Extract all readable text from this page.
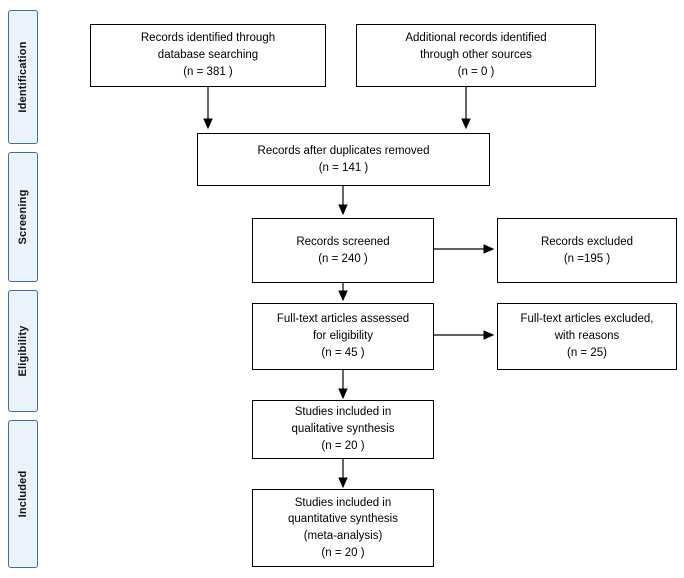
Identification
Screening
Eligibility
Included
Records identified through
database searching
(n = 381 )
Additional records identified
through other sources
(n = 0 )
Records after duplicates removed
(n = 141 )
Records screened
(n = 240 )
Records excluded
(n =195 )
Full-text articles assessed
for eligibility
(n = 45 )
Full-text articles excluded,
with reasons
(n = 25)
Studies included in
qualitative synthesis
(n = 20 )
Studies included in
quantitative synthesis
(meta-analysis)
(n = 20 )
